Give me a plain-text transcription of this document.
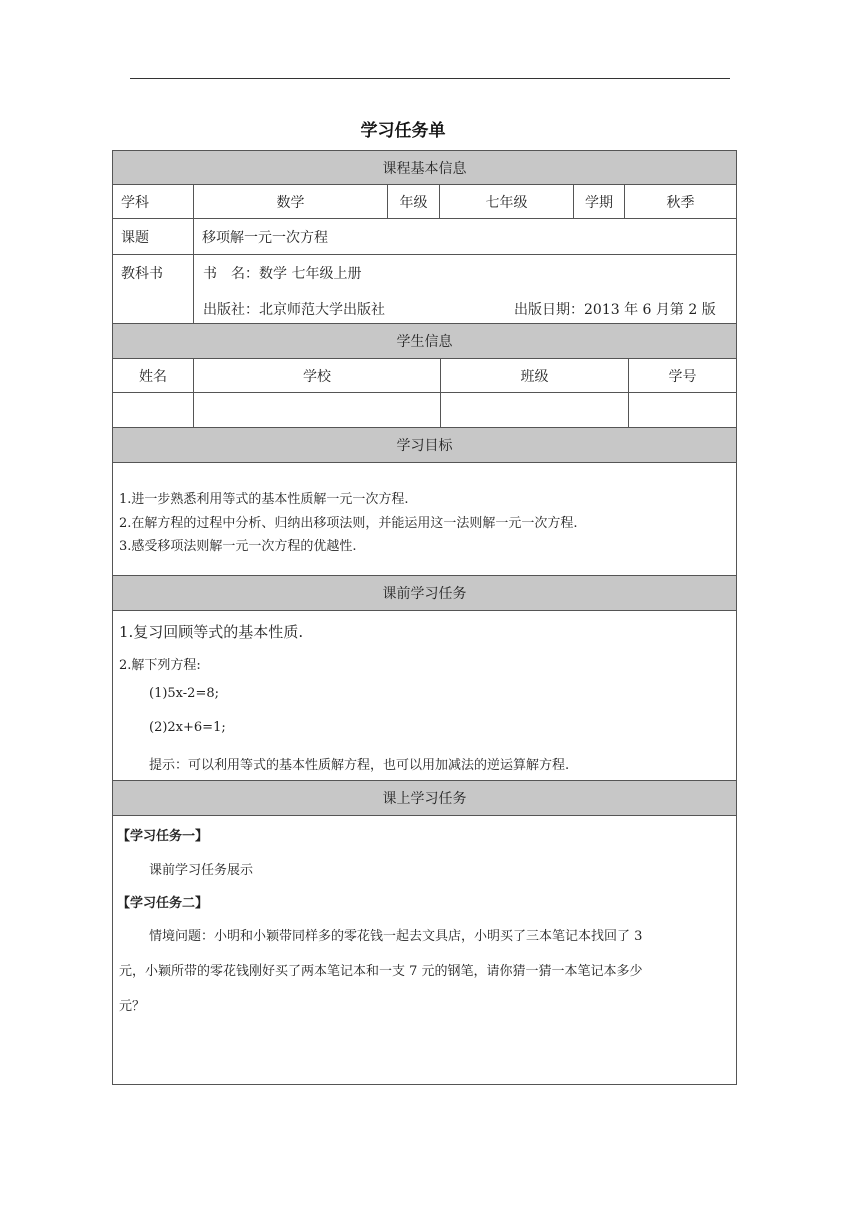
学习任务单
课程基本信息
学科	数学	年级	七年级	学期	秋季
课题	移项解一元一次方程
教科书	书　名：数学 七年级上册
出版社：北京师范大学出版社	出版日期：2013 年 6 月第 2 版
学生信息
姓名	学校	班级	学号
学习目标
1.进一步熟悉利用等式的基本性质解一元一次方程.
2.在解方程的过程中分析、归纳出移项法则，并能运用这一法则解一元一次方程.
3.感受移项法则解一元一次方程的优越性.
课前学习任务
1.复习回顾等式的基本性质.
2.解下列方程:
(1)5x-2=8;
(2)2x+6=1;
提示：可以利用等式的基本性质解方程，也可以用加减法的逆运算解方程.
课上学习任务
【学习任务一】
课前学习任务展示
【学习任务二】
情境问题：小明和小颖带同样多的零花钱一起去文具店，小明买了三本笔记本找回了 3
元，小颖所带的零花钱刚好买了两本笔记本和一支 7 元的钢笔，请你猜一猜一本笔记本多少
元？
